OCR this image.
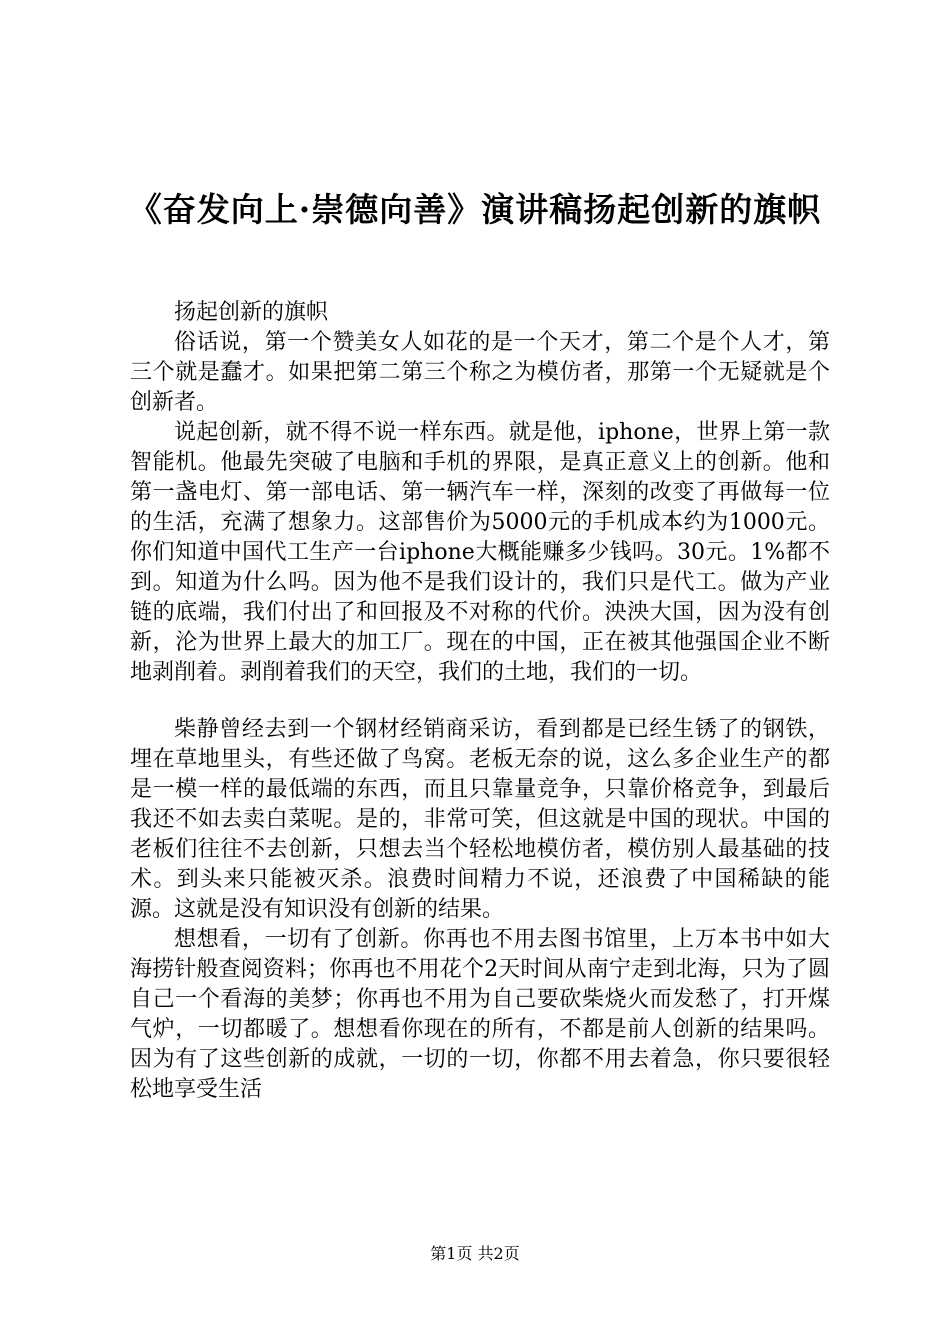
《奋发向上·崇德向善》演讲稿扬起创新的旗帜

扬起创新的旗帜

俗话说，第一个赞美女人如花的是一个天才，第二个是个人才，第三个就是蠢才。如果把第二第三个称之为模仿者，那第一个无疑就是个创新者。

说起创新，就不得不说一样东西。就是他，iphone，世界上第一款智能机。他最先突破了电脑和手机的界限，是真正意义上的创新。他和第一盏电灯、第一部电话、第一辆汽车一样，深刻的改变了再做每一位的生活，充满了想象力。这部售价为5000元的手机成本约为1000元。你们知道中国代工生产一台iphone大概能赚多少钱吗。30元。1%都不到。知道为什么吗。因为他不是我们设计的，我们只是代工。做为产业链的底端，我们付出了和回报及不对称的代价。泱泱大国，因为没有创新，沦为世界上最大的加工厂。现在的中国，正在被其他强国企业不断地剥削着。剥削着我们的天空，我们的土地，我们的一切。

柴静曾经去到一个钢材经销商采访，看到都是已经生锈了的钢铁，埋在草地里头，有些还做了鸟窝。老板无奈的说，这么多企业生产的都是一模一样的最低端的东西，而且只靠量竞争，只靠价格竞争，到最后我还不如去卖白菜呢。是的，非常可笑，但这就是中国的现状。中国的老板们往往不去创新，只想去当个轻松地模仿者，模仿别人最基础的技术。到头来只能被灭杀。浪费时间精力不说，还浪费了中国稀缺的能源。这就是没有知识没有创新的结果。

想想看，一切有了创新。你再也不用去图书馆里，上万本书中如大海捞针般查阅资料；你再也不用花个2天时间从南宁走到北海，只为了圆自己一个看海的美梦；你再也不用为自己要砍柴烧火而发愁了，打开煤气炉，一切都暖了。想想看你现在的所有，不都是前人创新的结果吗。因为有了这些创新的成就，一切的一切，你都不用去着急，你只要很轻松地享受生活

第1页 共2页
